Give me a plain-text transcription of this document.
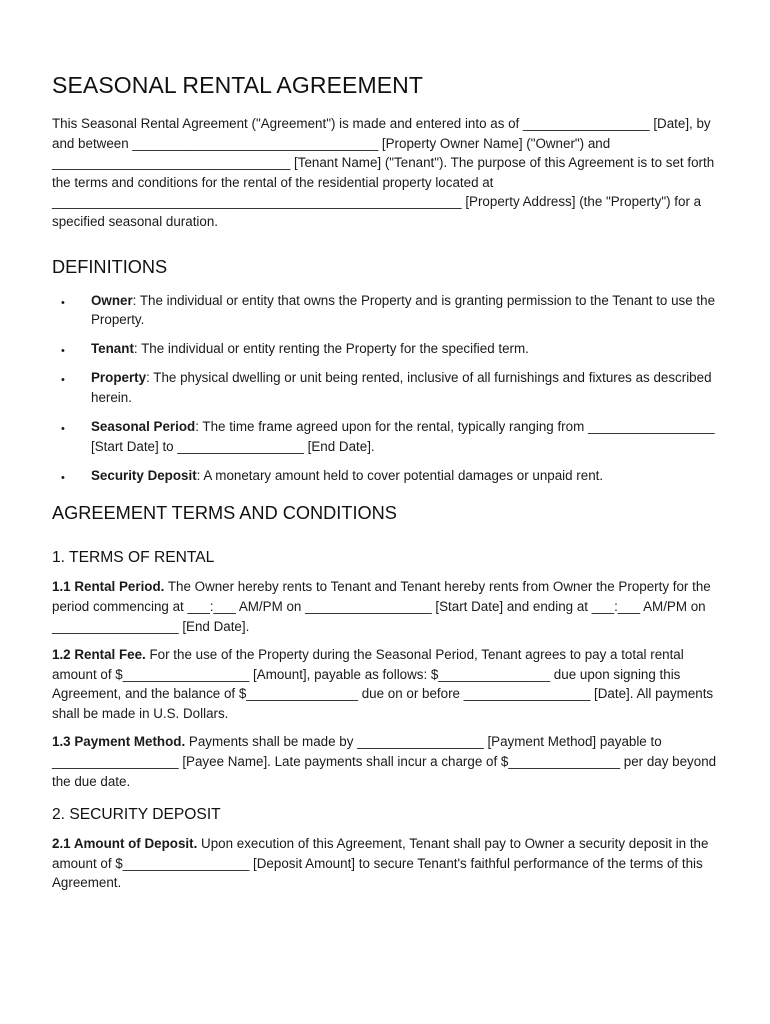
SEASONAL RENTAL AGREEMENT

This Seasonal Rental Agreement ("Agreement") is made and entered into as of _________________ [Date], by and between _________________________________ [Property Owner Name] ("Owner") and ________________________________ [Tenant Name] ("Tenant"). The purpose of this Agreement is to set forth the terms and conditions for the rental of the residential property located at _______________________________________________________ [Property Address] (the "Property") for a specified seasonal duration.

DEFINITIONS
• Owner: The individual or entity that owns the Property and is granting permission to the Tenant to use the Property.
• Tenant: The individual or entity renting the Property for the specified term.
• Property: The physical dwelling or unit being rented, inclusive of all furnishings and fixtures as described herein.
• Seasonal Period: The time frame agreed upon for the rental, typically ranging from _________________ [Start Date] to _________________ [End Date].
• Security Deposit: A monetary amount held to cover potential damages or unpaid rent.
AGREEMENT TERMS AND CONDITIONS
1. TERMS OF RENTAL

1.1 Rental Period. The Owner hereby rents to Tenant and Tenant hereby rents from Owner the Property for the period commencing at ___:___ AM/PM on _________________ [Start Date] and ending at ___:___ AM/PM on _________________ [End Date].

1.2 Rental Fee. For the use of the Property during the Seasonal Period, Tenant agrees to pay a total rental amount of $_________________ [Amount], payable as follows: $_______________ due upon signing this Agreement, and the balance of $_______________ due on or before _________________ [Date]. All payments shall be made in U.S. Dollars.

1.3 Payment Method. Payments shall be made by _________________ [Payment Method] payable to _________________ [Payee Name]. Late payments shall incur a charge of $_______________ per day beyond the due date.

2. SECURITY DEPOSIT

2.1 Amount of Deposit. Upon execution of this Agreement, Tenant shall pay to Owner a security deposit in the amount of $_________________ [Deposit Amount] to secure Tenant's faithful performance of the terms of this Agreement.
